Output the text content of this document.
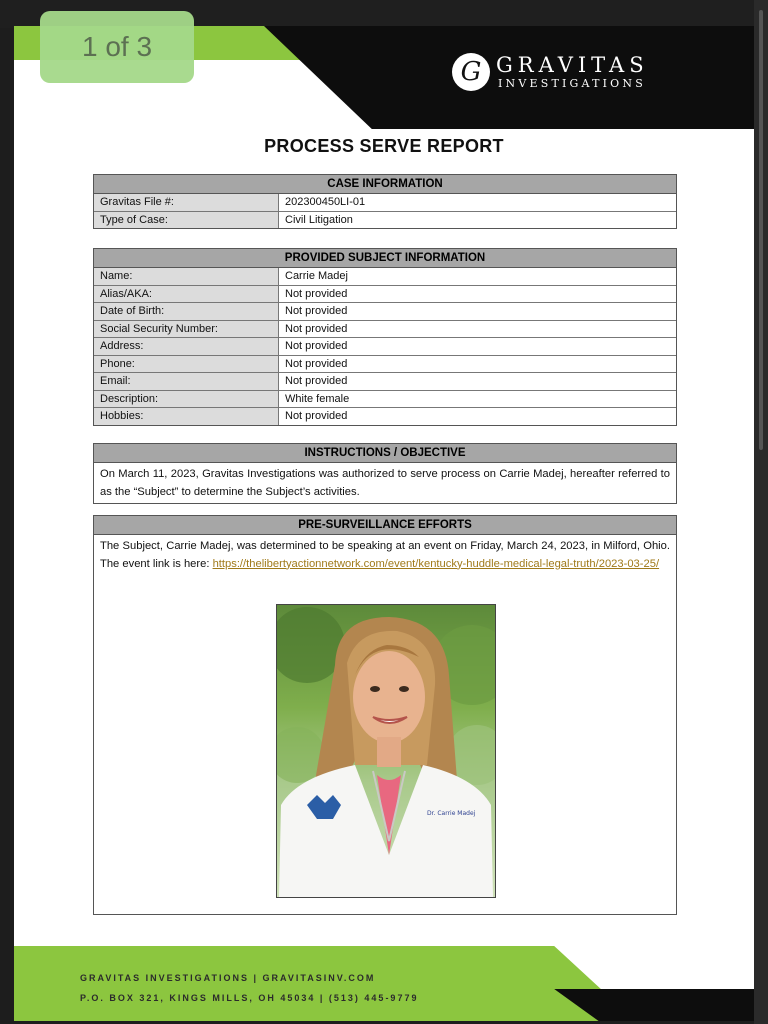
G GRAVITAS
INVESTIGATIONS
PROCESS SERVE REPORT
CASE INFORMATION
Gravitas File #:	202300450LI-01
Type of Case:	Civil Litigation
PROVIDED SUBJECT INFORMATION
Name:	Carrie Madej
Alias/AKA:	Not provided
Date of Birth:	Not provided
Social Security Number:	Not provided
Address:	Not provided
Phone:	Not provided
Email:	Not provided
Description:	White female
Hobbies:	Not provided
INSTRUCTIONS / OBJECTIVE
On March 11, 2023, Gravitas Investigations was authorized to serve process on Carrie Madej, hereafter referred to as the “Subject” to determine the Subject’s activities.
PRE-SURVEILLANCE EFFORTS
The Subject, Carrie Madej, was determined to be speaking at an event on Friday, March 24, 2023, in Milford, Ohio. The event link is here: https://thelibertyactionnetwork.com/event/kentucky-huddle-medical-legal-truth/2023-03-25/
Dr. Carrie Madej
GRAVITAS INVESTIGATIONS | GRAVITASINV.COM
P.O. BOX 321, KINGS MILLS, OH 45034 | (513) 445-9779
1 of 3
